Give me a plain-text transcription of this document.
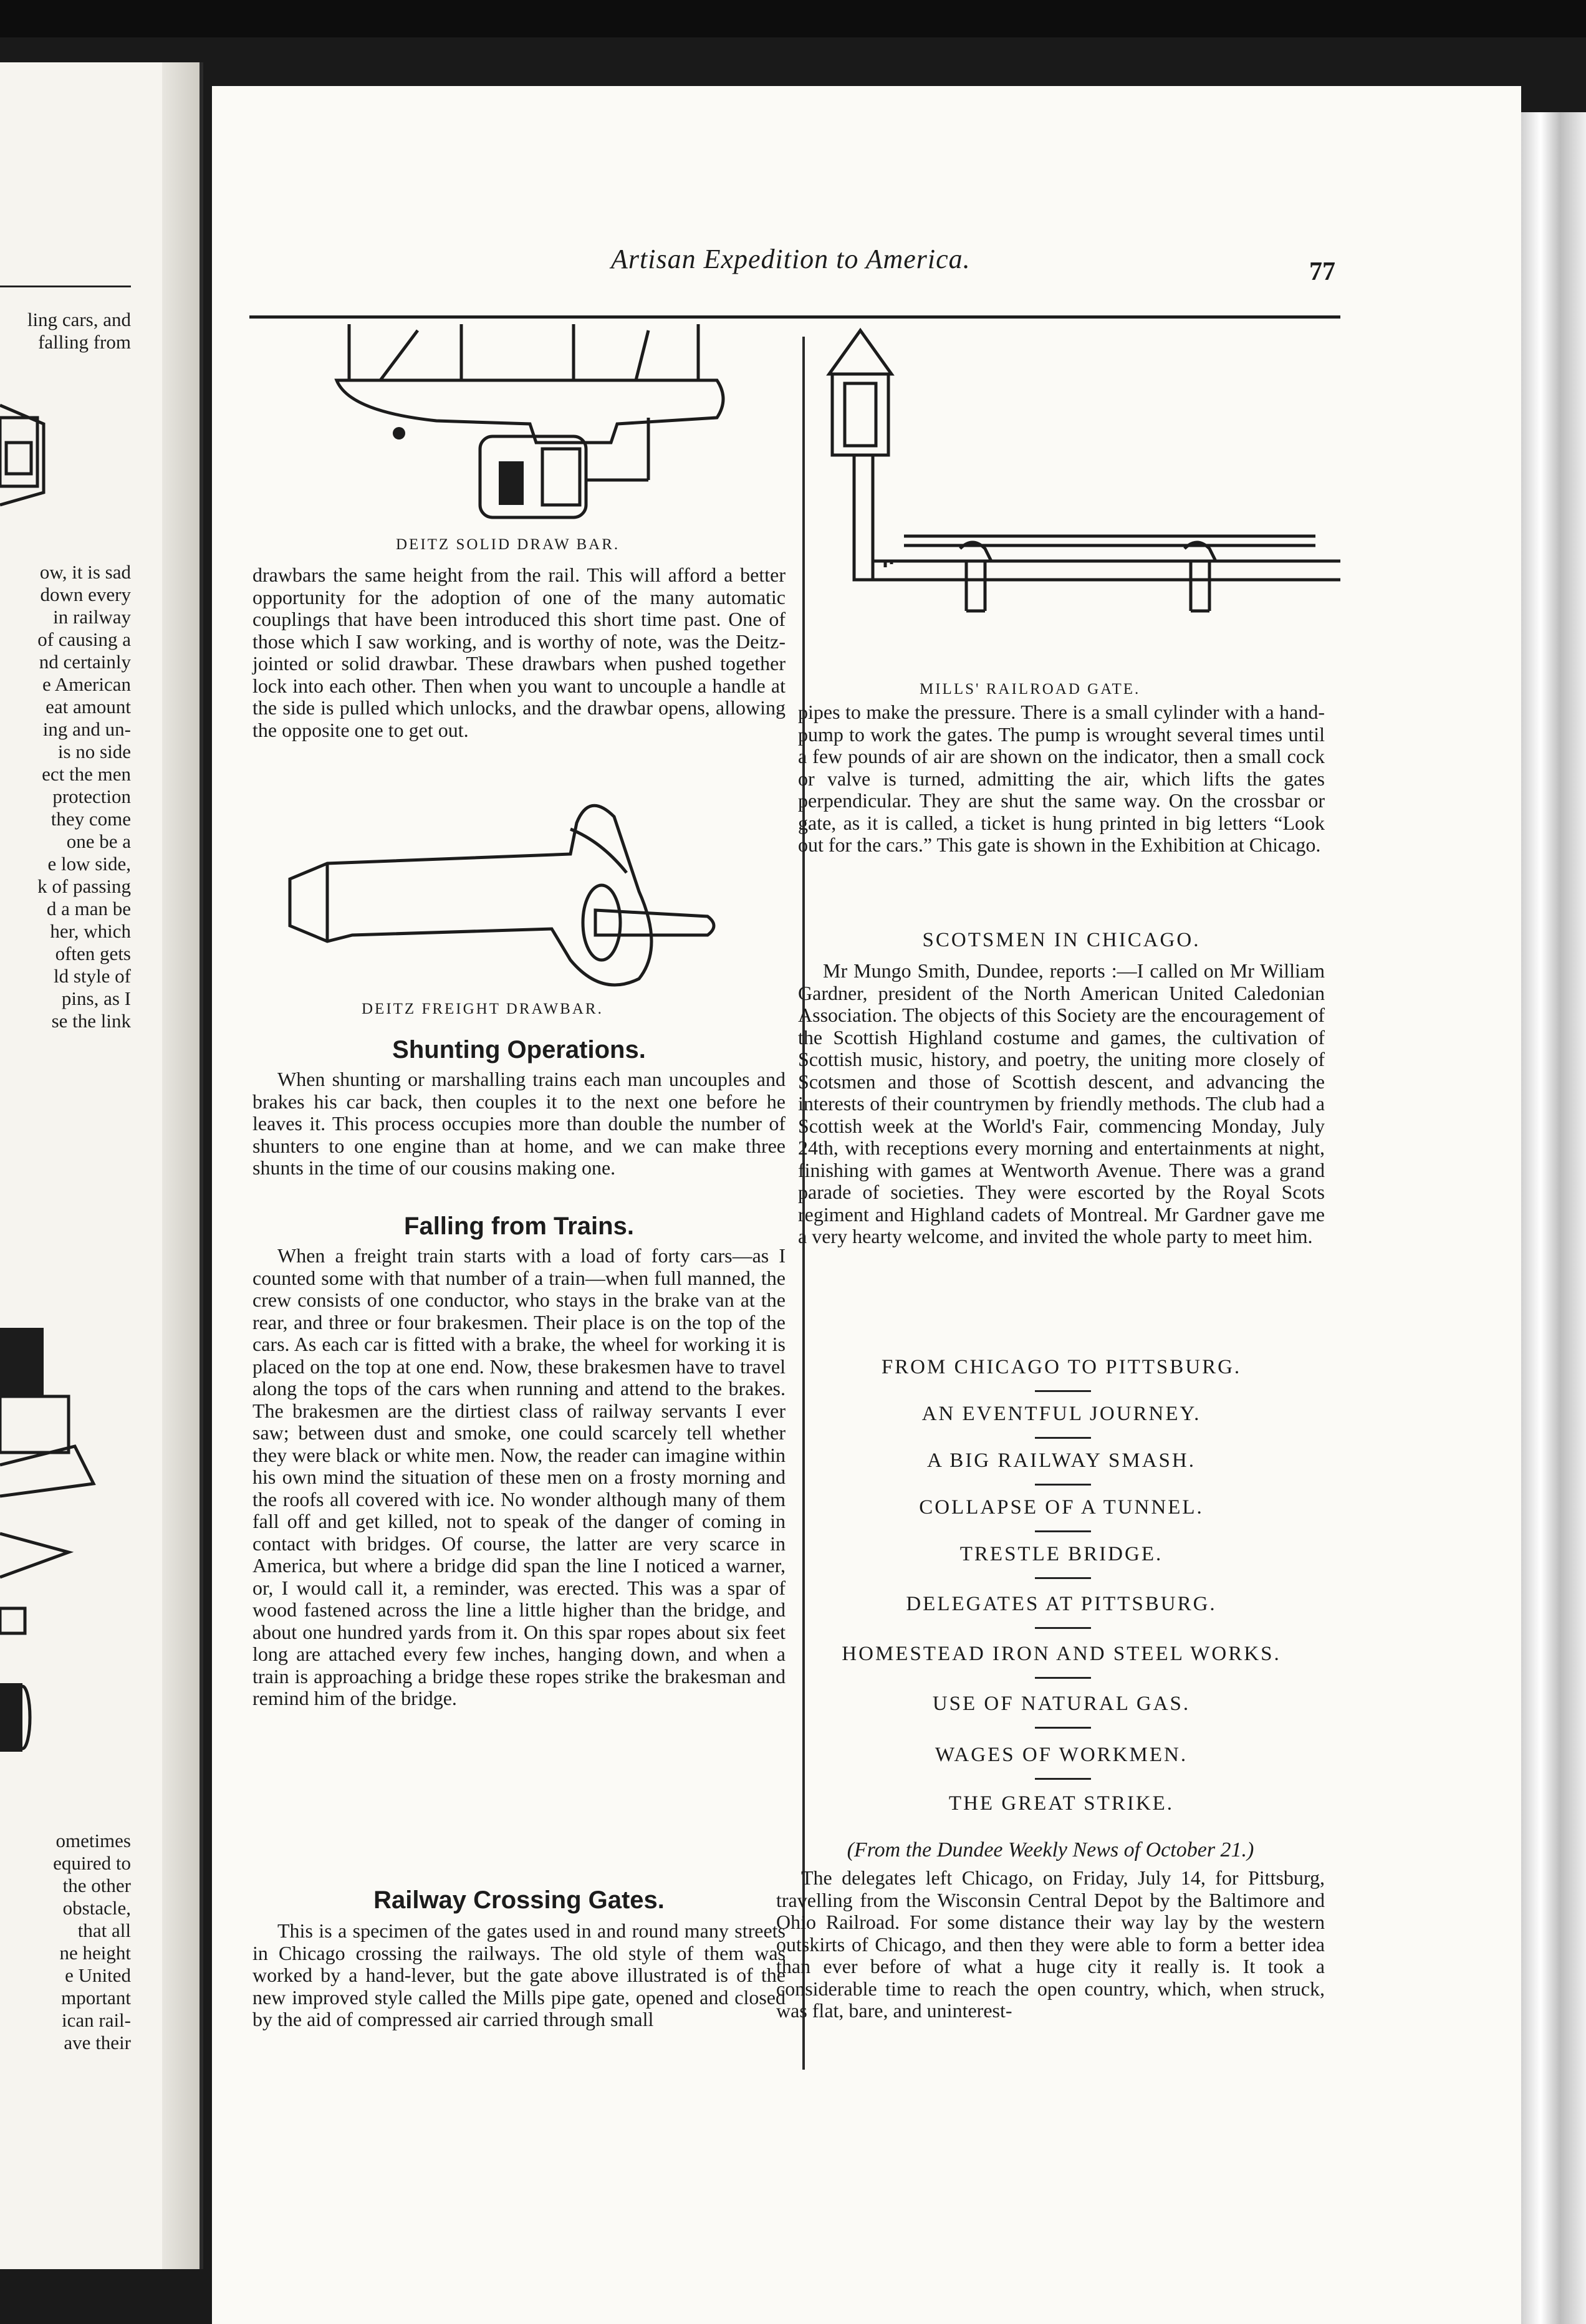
ling cars, and
falling from
ow, it is sad
down every
in railway
of causing a
nd certainly
e American
eat amount
ing and un-
is no side
ect the men
protection
they come
one be a
e low side,
k of passing
d a man be
her, which
often gets
ld style of
pins, as I
se the link
ometimes
equired to
the other
obstacle,
that all
ne height
e United
mportant
ican rail-
ave their
Artisan Expedition to America.	77
DEITZ SOLID DRAW BAR.

drawbars the same height from the rail. This will afford a better opportunity for the adoption of one of the many automatic couplings that have been introduced this short time past. One of those which I saw working, and is worthy of note, was the Deitz-jointed or solid drawbar. These drawbars when pushed together lock into each other. Then when you want to uncouple a handle at the side is pulled which unlocks, and the drawbar opens, allowing the opposite one to get out.

DEITZ FREIGHT DRAWBAR.
Shunting Operations.

When shunting or marshalling trains each man uncouples and brakes his car back, then couples it to the next one before he leaves it. This process occupies more than double the number of shunters to one engine than at home, and we can make three shunts in the time of our cousins making one.

Falling from Trains.

When a freight train starts with a load of forty cars—as I counted some with that number of a train—when full manned, the crew consists of one conductor, who stays in the brake van at the rear, and three or four brakesmen. Their place is on the top of the cars. As each car is fitted with a brake, the wheel for working it is placed on the top at one end. Now, these brakesmen have to travel along the tops of the cars when running and attend to the brakes. The brakesmen are the dirtiest class of railway servants I ever saw; between dust and smoke, one could scarcely tell whether they were black or white men. Now, the reader can imagine within his own mind the situation of these men on a frosty morning and the roofs all covered with ice. No wonder although many of them fall off and get killed, not to speak of the danger of coming in contact with bridges. Of course, the latter are very scarce in America, but where a bridge did span the line I noticed a warner, or, I would call it, a reminder, was erected. This was a spar of wood fastened across the line a little higher than the bridge, and about one hundred yards from it. On this spar ropes about six feet long are attached every few inches, hanging down, and when a train is approaching a bridge these ropes strike the brakesman and remind him of the bridge.

Railway Crossing Gates.

This is a specimen of the gates used in and round many streets in Chicago crossing the railways. The old style of them was worked by a hand-lever, but the gate above illustrated is of the new improved style called the Mills pipe gate, opened and closed by the aid of compressed air carried through small

MILLS' RAILROAD GATE.

pipes to make the pressure. There is a small cylinder with a hand-pump to work the gates. The pump is wrought several times until a few pounds of air are shown on the indicator, then a small cock or valve is turned, admitting the air, which lifts the gates perpendicular. They are shut the same way. On the crossbar or gate, as it is called, a ticket is hung printed in big letters “Look out for the cars.” This gate is shown in the Exhibition at Chicago.

SCOTSMEN IN CHICAGO.

Mr Mungo Smith, Dundee, reports :—I called on Mr William Gardner, president of the North American United Caledonian Association. The objects of this Society are the encouragement of the Scottish Highland costume and games, the cultivation of Scottish music, history, and poetry, the uniting more closely of Scotsmen and those of Scottish descent, and advancing the interests of their countrymen by friendly methods. The club had a Scottish week at the World's Fair, commencing Monday, July 24th, with receptions every morning and entertainments at night, finishing with games at Wentworth Avenue. There was a grand parade of societies. They were escorted by the Royal Scots regiment and Highland cadets of Montreal. Mr Gardner gave me a very hearty welcome, and invited the whole party to meet him.

FROM CHICAGO TO PITTSBURG.
AN EVENTFUL JOURNEY.
A BIG RAILWAY SMASH.
COLLAPSE OF A TUNNEL.
TRESTLE BRIDGE.
DELEGATES AT PITTSBURG.
HOMESTEAD IRON AND STEEL WORKS.
USE OF NATURAL GAS.
WAGES OF WORKMEN.
THE GREAT STRIKE.
(From the Dundee Weekly News of October 21.)

The delegates left Chicago, on Friday, July 14, for Pittsburg, travelling from the Wisconsin Central Depot by the Baltimore and Ohio Railroad. For some distance their way lay by the western outskirts of Chicago, and then they were able to form a better idea than ever before of what a huge city it really is. It took a considerable time to reach the open country, which, when struck, was flat, bare, and uninterest-
